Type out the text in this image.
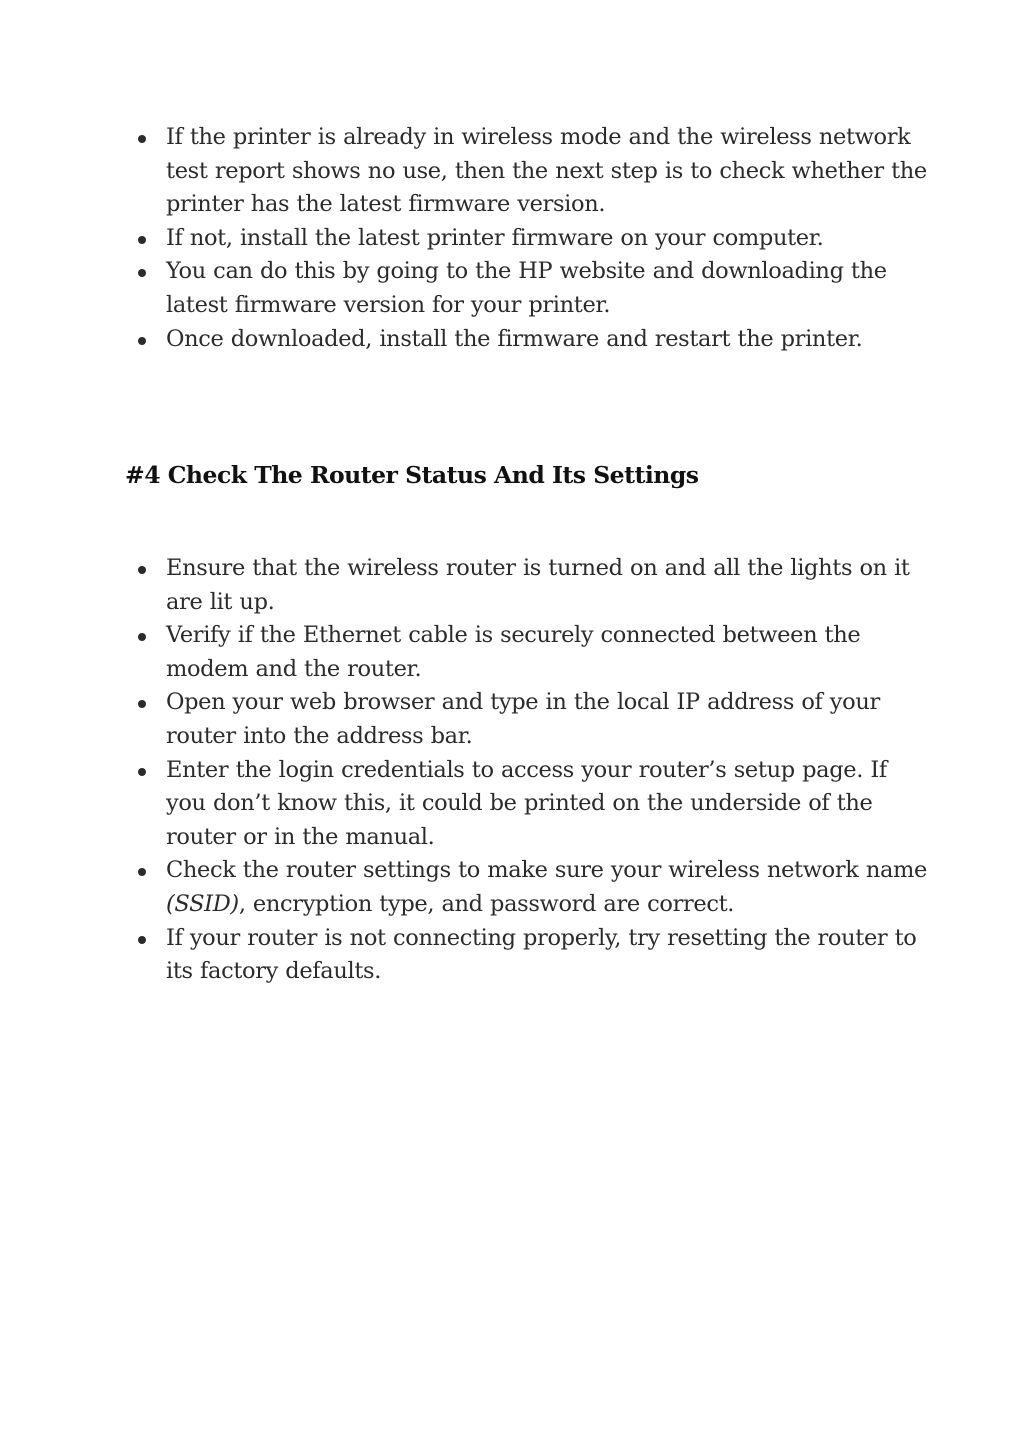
If the printer is already in wireless mode and the wireless network test report shows no use, then the next step is to check whether the printer has the latest firmware version.
If not, install the latest printer firmware on your computer.
You can do this by going to the HP website and downloading the latest firmware version for your printer.
Once downloaded, install the firmware and restart the printer.
#4 Check The Router Status And Its Settings
Ensure that the wireless router is turned on and all the lights on it are lit up.
Verify if the Ethernet cable is securely connected between the modem and the router.
Open your web browser and type in the local IP address of your router into the address bar.
Enter the login credentials to access your router’s setup page. If you don’t know this, it could be printed on the underside of the router or in the manual.
Check the router settings to make sure your wireless network name (SSID), encryption type, and password are correct.
If your router is not connecting properly, try resetting the router to its factory defaults.
